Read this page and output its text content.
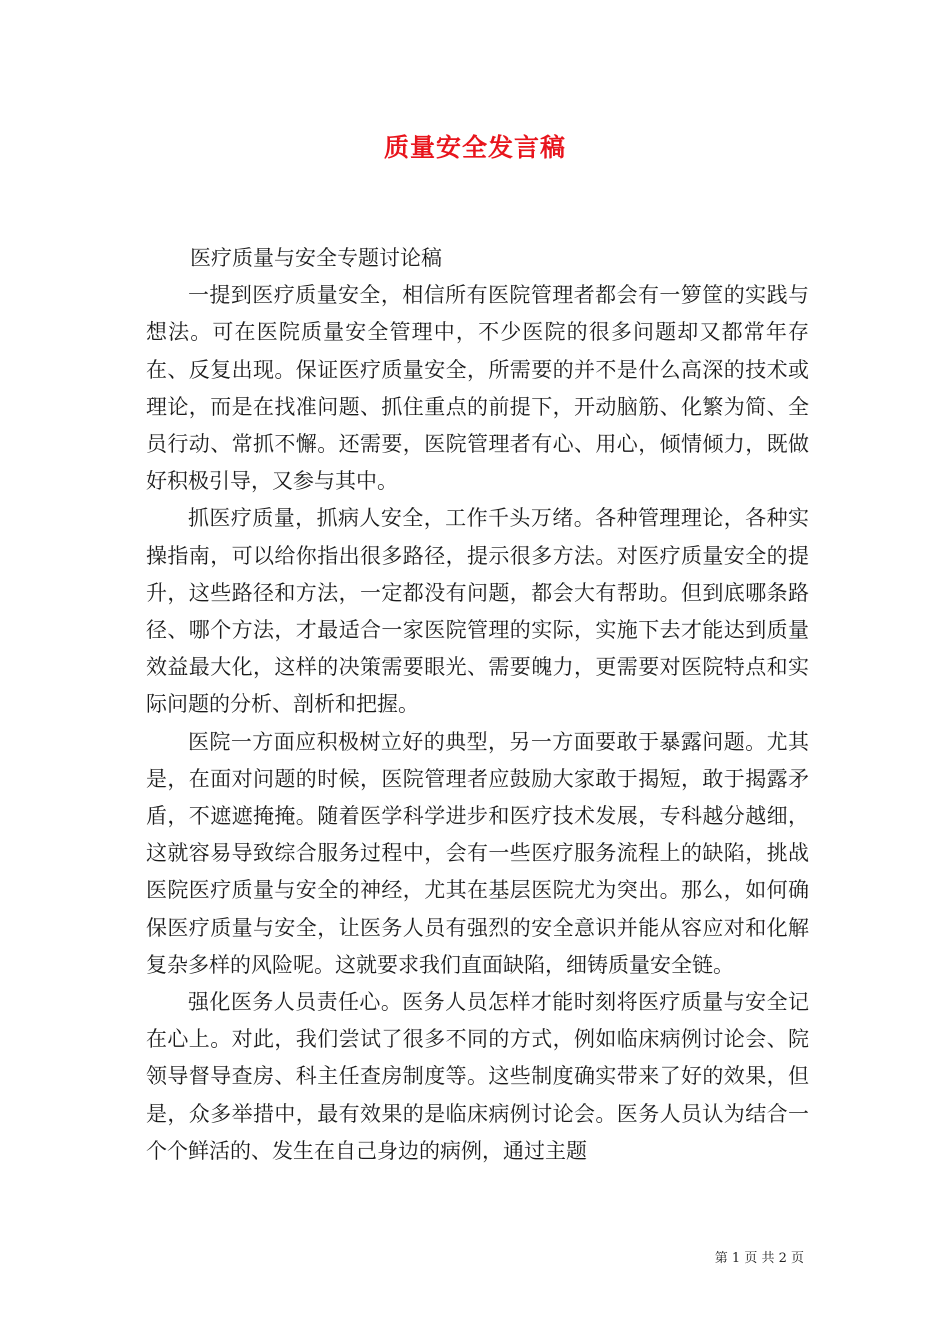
质量安全发言稿

医疗质量与安全专题讨论稿

一提到医疗质量安全，相信所有医院管理者都会有一箩筐的实践与想法。可在医院质量安全管理中，不少医院的很多问题却又都常年存在、反复出现。保证医疗质量安全，所需要的并不是什么高深的技术或理论，而是在找准问题、抓住重点的前提下，开动脑筋、化繁为简、全员行动、常抓不懈。还需要，医院管理者有心、用心，倾情倾力，既做好积极引导，又参与其中。

抓医疗质量，抓病人安全，工作千头万绪。各种管理理论，各种实操指南，可以给你指出很多路径，提示很多方法。对医疗质量安全的提升，这些路径和方法，一定都没有问题，都会大有帮助。但到底哪条路径、哪个方法，才最适合一家医院管理的实际，实施下去才能达到质量效益最大化，这样的决策需要眼光、需要魄力，更需要对医院特点和实际问题的分析、剖析和把握。

医院一方面应积极树立好的典型，另一方面要敢于暴露问题。尤其是，在面对问题的时候，医院管理者应鼓励大家敢于揭短，敢于揭露矛盾，不遮遮掩掩。随着医学科学进步和医疗技术发展，专科越分越细，这就容易导致综合服务过程中，会有一些医疗服务流程上的缺陷，挑战医院医疗质量与安全的神经，尤其在基层医院尤为突出。那么，如何确保医疗质量与安全，让医务人员有强烈的安全意识并能从容应对和化解复杂多样的风险呢。这就要求我们直面缺陷，细铸质量安全链。

强化医务人员责任心。医务人员怎样才能时刻将医疗质量与安全记在心上。对此，我们尝试了很多不同的方式，例如临床病例讨论会、院领导督导查房、科主任查房制度等。这些制度确实带来了好的效果，但是，众多举措中，最有效果的是临床病例讨论会。医务人员认为结合一个个鲜活的、发生在自己身边的病例，通过主题

第 1 页 共 2 页
